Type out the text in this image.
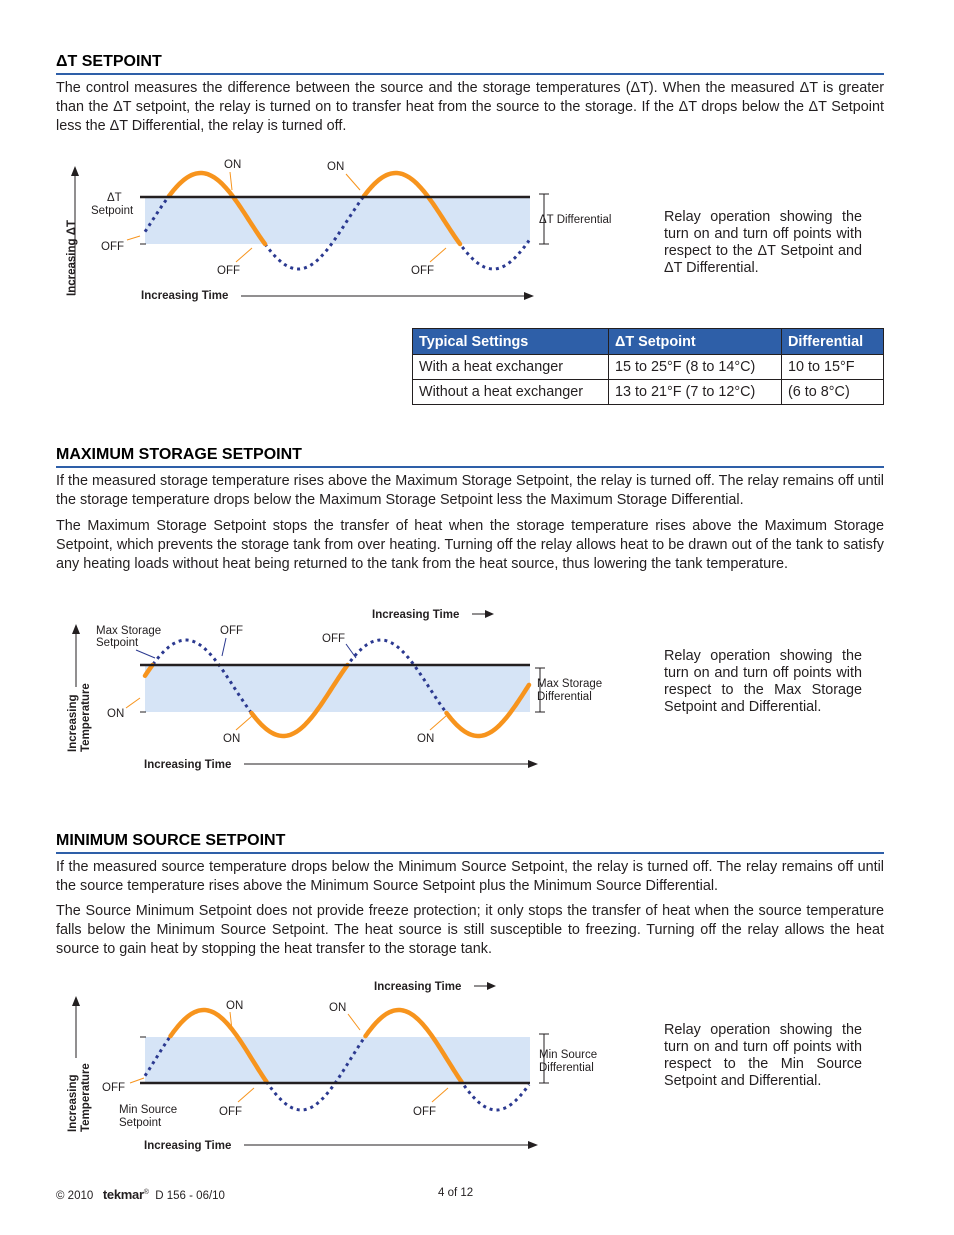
ΔT SETPOINT

The control measures the difference between the source and the storage temperatures (ΔT). When the measured ΔT is greater than the ΔT setpoint, the relay is turned on to transfer heat from the source to the storage. If the ΔT drops below the ΔT Setpoint less the ΔT Differential, the relay is turned off.

Increasing ΔT	Increasing Time
ΔT
Setpoint
OFF
ON	ON
OFF	OFF
ΔT Differential	Relay operation showing the turn on and turn off points with respect to the ΔT Setpoint and ΔT Differential.
Typical Settings	ΔT Setpoint	Differential
With a heat exchanger	15 to 25°F (8 to 14°C)	10 to 15°F
Without a heat exchanger	13 to 21°F (7 to 12°C)	(6 to 8°C)
MAXIMUM STORAGE SETPOINT

If the measured storage temperature rises above the Maximum Storage Setpoint, the relay is turned off. The relay remains off until the storage temperature drops below the Maximum Storage Setpoint less the Maximum Storage Differential.

The Maximum Storage Setpoint stops the transfer of heat when the storage temperature rises above the Maximum Storage Setpoint, which prevents the storage tank from over heating. Turning off the relay allows heat to be drawn out of the tank to satisfy any heating loads without heat being returned to the tank from the heat source, thus lowering the tank temperature.

Increasing Temperature
Increasing Time
Increasing Time
Max Storage
Setpoint
ON
OFF
OFF
ON	ON
Max Storage
Differential
Relay operation showing the turn on and turn off points with respect to the Max Storage Setpoint and Differential.
MINIMUM SOURCE SETPOINT

If the measured source temperature drops below the Minimum Source Setpoint, the relay is turned off. The relay remains off until the source temperature rises above the Minimum Source Setpoint plus the Minimum Source Differential.

The Source Minimum Setpoint does not provide freeze protection; it only stops the transfer of heat when the source temperature falls below the Minimum Source Setpoint. The heat source is still susceptible to freezing. Turning off the relay allows the heat source to gain heat by stopping the heat transfer to the storage tank.

Increasing Temperature
Increasing Time
Increasing Time
OFF
Min Source
Setpoint
ON	ON
OFF	OFF
Min Source
Differential
Relay operation showing the turn on and turn off points with respect to the Min Source Setpoint and Differential.
© 2010 tekmar® D 156 - 06/10	4 of 12
